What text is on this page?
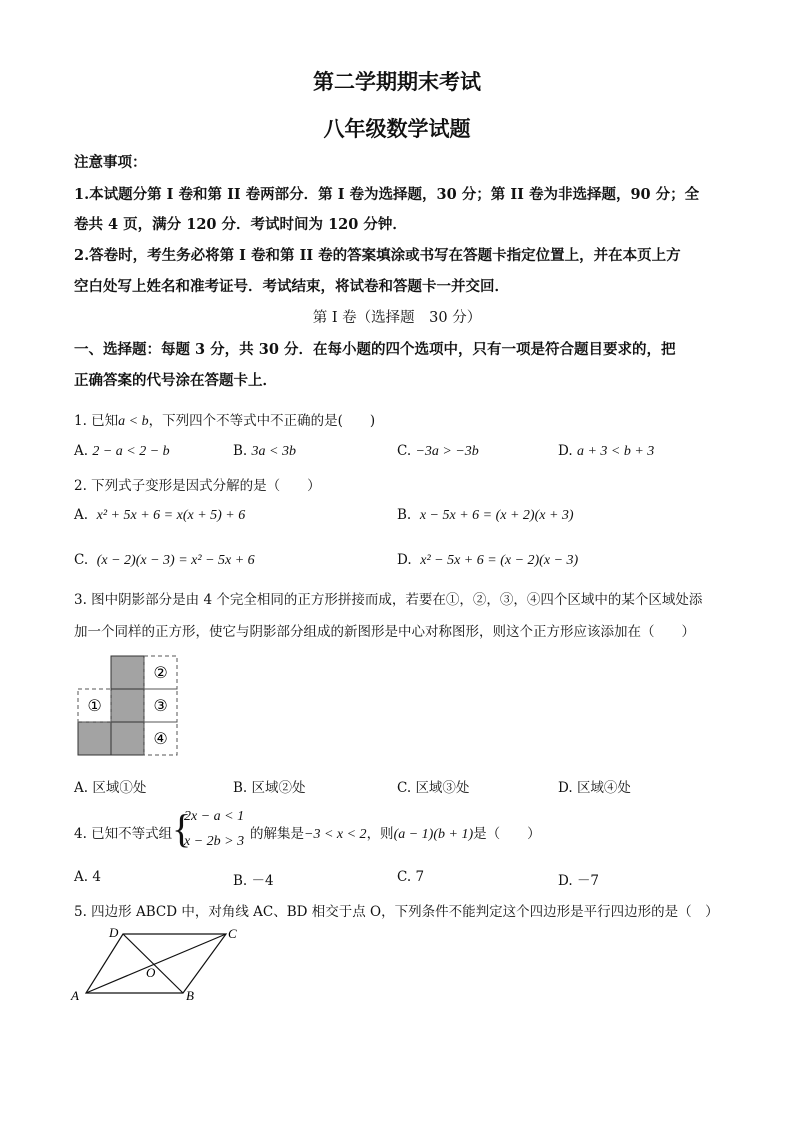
第二学期期末考试
八年级数学试题
注意事项：
1.本试题分第 I 卷和第 II 卷两部分．第 I 卷为选择题，30 分；第 II 卷为非选择题，90 分；全
卷共 4 页，满分 120 分．考试时间为 120 分钟．
2.答卷时，考生务必将第 I 卷和第 II 卷的答案填涂或书写在答题卡指定位置上，并在本页上方
空白处写上姓名和准考证号．考试结束，将试卷和答题卡一并交回．
第 I 卷（选择题　30 分）
一、选择题：每题 3 分，共 30 分．在每小题的四个选项中，只有一项是符合题目要求的，把
正确答案的代号涂在答题卡上．
1. 已知a < b，下列四个不等式中不正确的是(　　)
A. 2 − a < 2 − b	B. 3a < 3b	C. −3a > −3b	D. a + 3 < b + 3
2. 下列式子变形是因式分解的是（　　）
A. x² + 5x + 6 = x(x + 5) + 6	B. x − 5x + 6 = (x + 2)(x + 3)
C. (x − 2)(x − 3) = x² − 5x + 6	D. x² − 5x + 6 = (x − 2)(x − 3)
3. 图中阴影部分是由 4 个完全相同的正方形拼接而成，若要在①，②，③，④四个区域中的某个区域处添
加一个同样的正方形，使它与阴影部分组成的新图形是中心对称图形，则这个正方形应该添加在（　　）
①
②
③
④
A. 区域①处	B. 区域②处	C. 区域③处	D. 区域④处
4. 已知不等式组 {
2x − a < 1
x − 2b > 3 的解集是−3 < x < 2，则(a − 1)(b + 1)是（　　）
A. 4	B. －4	C. 7	D. －7
5. 四边形 ABCD 中，对角线 AC、BD 相交于点 O，下列条件不能判定这个四边形是平行四边形的是（　）
A	B
C
D
O
